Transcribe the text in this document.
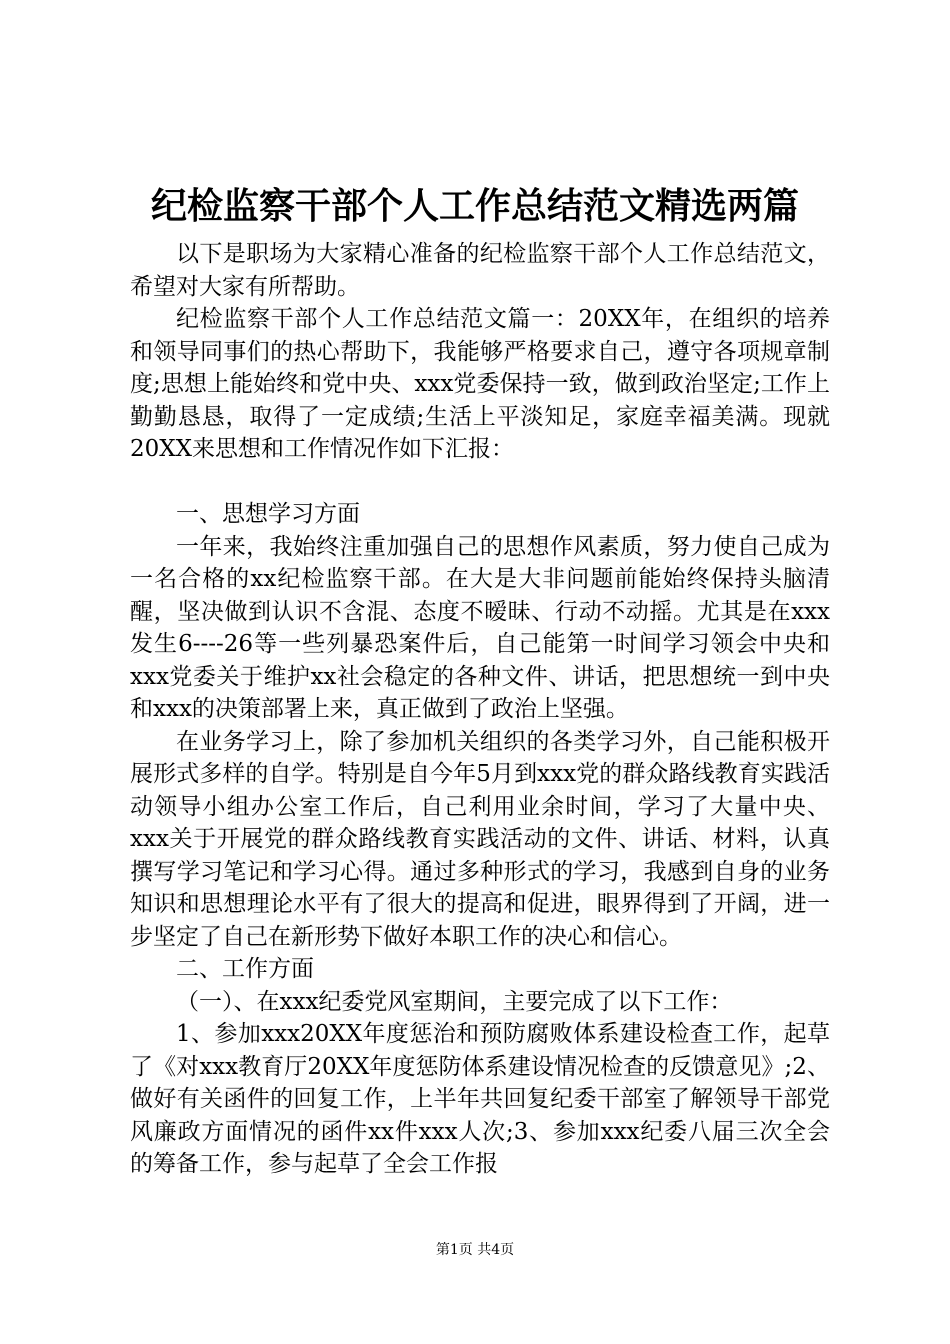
纪检监察干部个人工作总结范文精选两篇

以下是职场为大家精心准备的纪检监察干部个人工作总结范文，希望对大家有所帮助。

纪检监察干部个人工作总结范文篇一：20XX年，在组织的培养和领导同事们的热心帮助下，我能够严格要求自己，遵守各项规章制度;思想上能始终和党中央、xxx党委保持一致，做到政治坚定;工作上勤勤恳恳，取得了一定成绩;生活上平淡知足，家庭幸福美满。现就20XX来思想和工作情况作如下汇报：

一、思想学习方面

一年来，我始终注重加强自己的思想作风素质，努力使自己成为一名合格的xx纪检监察干部。在大是大非问题前能始终保持头脑清醒，坚决做到认识不含混、态度不暧昧、行动不动摇。尤其是在xxx发生6----26等一些列暴恐案件后，自己能第一时间学习领会中央和xxx党委关于维护xx社会稳定的各种文件、讲话，把思想统一到中央和xxx的决策部署上来，真正做到了政治上坚强。

在业务学习上，除了参加机关组织的各类学习外，自己能积极开展形式多样的自学。特别是自今年5月到xxx党的群众路线教育实践活动领导小组办公室工作后，自己利用业余时间，学习了大量中央、xxx关于开展党的群众路线教育实践活动的文件、讲话、材料，认真撰写学习笔记和学习心得。通过多种形式的学习，我感到自身的业务知识和思想理论水平有了很大的提高和促进，眼界得到了开阔，进一步坚定了自己在新形势下做好本职工作的决心和信心。

二、工作方面

（一）、在xxx纪委党风室期间，主要完成了以下工作：

1、参加xxx20XX年度惩治和预防腐败体系建设检查工作，起草了《对xxx教育厅20XX年度惩防体系建设情况检查的反馈意见》;2、做好有关函件的回复工作，上半年共回复纪委干部室了解领导干部党风廉政方面情况的函件xx件xxx人次;3、参加xxx纪委八届三次全会的筹备工作，参与起草了全会工作报

第1页 共4页
